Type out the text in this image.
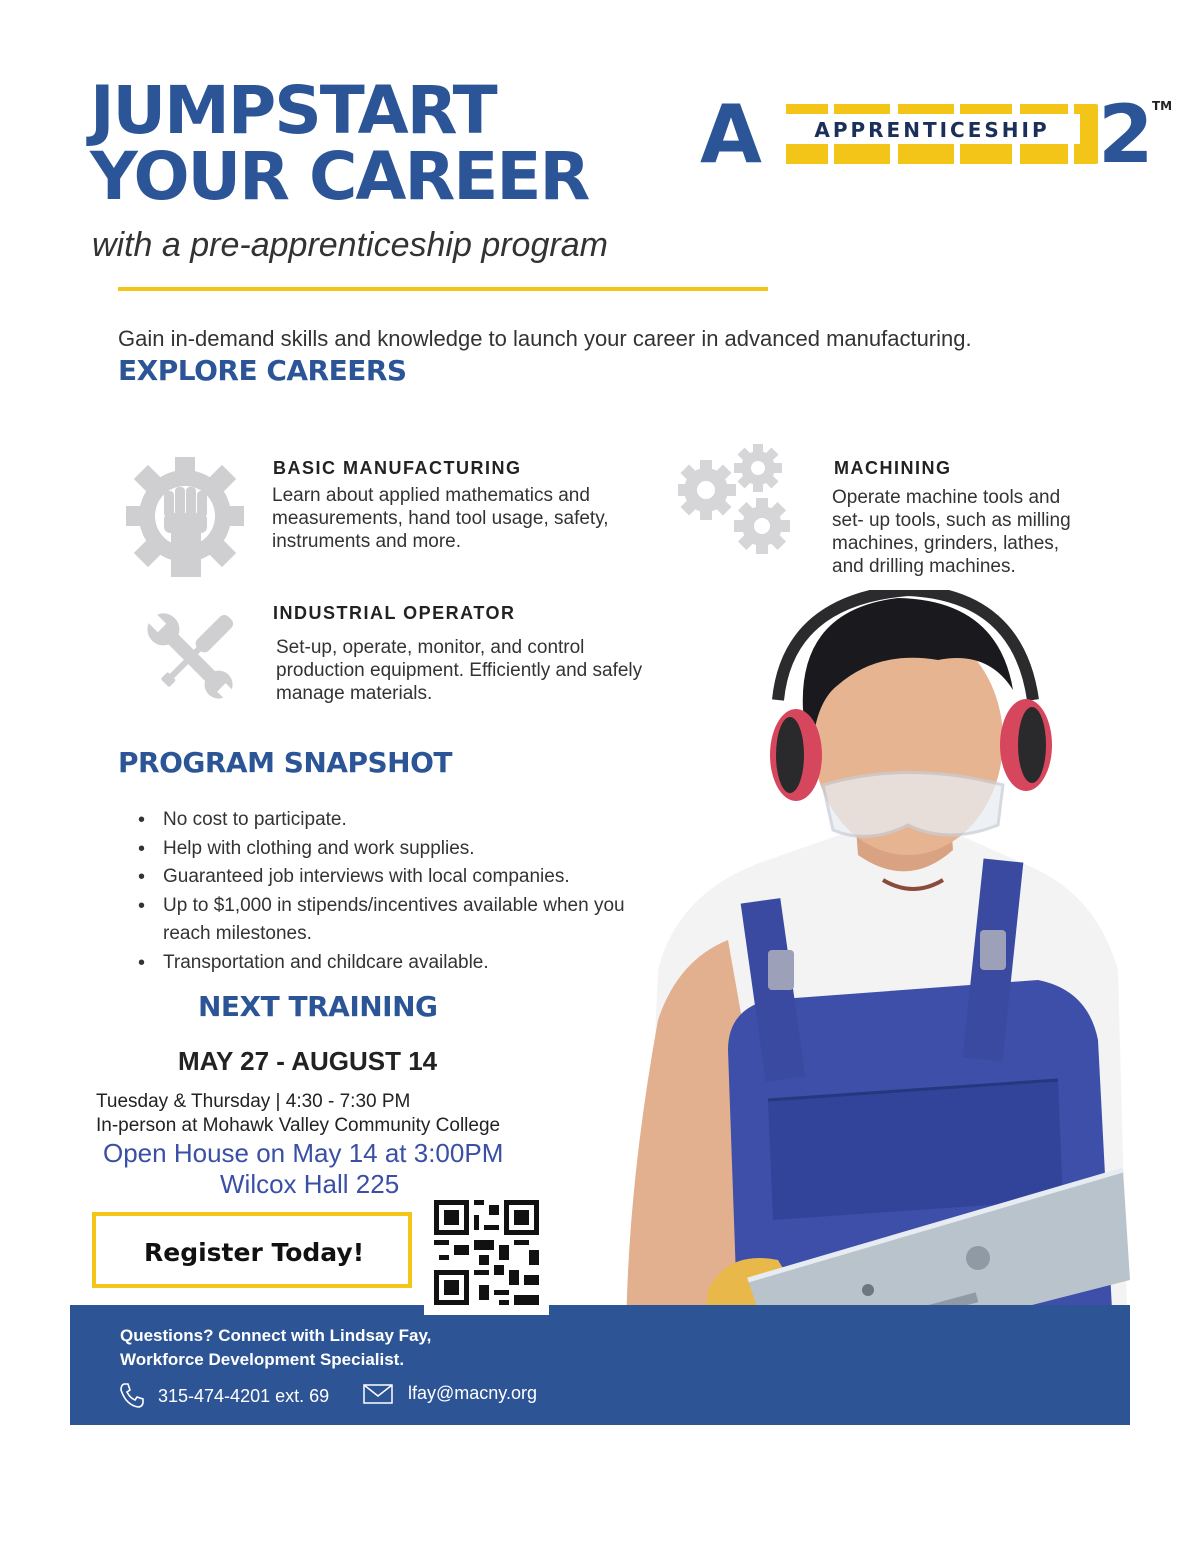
JUMPSTART
YOUR CAREER A	APPRENTICESHIP 2
TM
with a pre-apprenticeship program
Gain in-demand skills and knowledge to launch your career in advanced manufacturing.
EXPLORE CAREERS
BASIC MANUFACTURING
Learn about applied mathematics and
measurements, hand tool usage, safety,
instruments and more.
MACHINING
Operate machine tools and
set- up tools, such as milling
machines, grinders, lathes,
and drilling machines.
INDUSTRIAL OPERATOR
Set-up, operate, monitor, and control
production equipment. Efficiently and safely
manage materials.
PROGRAM SNAPSHOT
• No cost to participate.
• Help with clothing and work supplies.
• Guaranteed job interviews with local companies.
• Up to $1,000 in stipends/incentives available when you reach milestones.
• Transportation and childcare available.
NEXT TRAINING
MAY 27 - AUGUST 14
Tuesday & Thursday | 4:30 - 7:30 PM
In-person at Mohawk Valley Community College
Open House on May 14 at 3:00PM
Wilcox Hall 225
Register Today!
Questions? Connect with Lindsay Fay,
Workforce Development Specialist.
315-474-4201 ext. 69	lfay@macny.org
